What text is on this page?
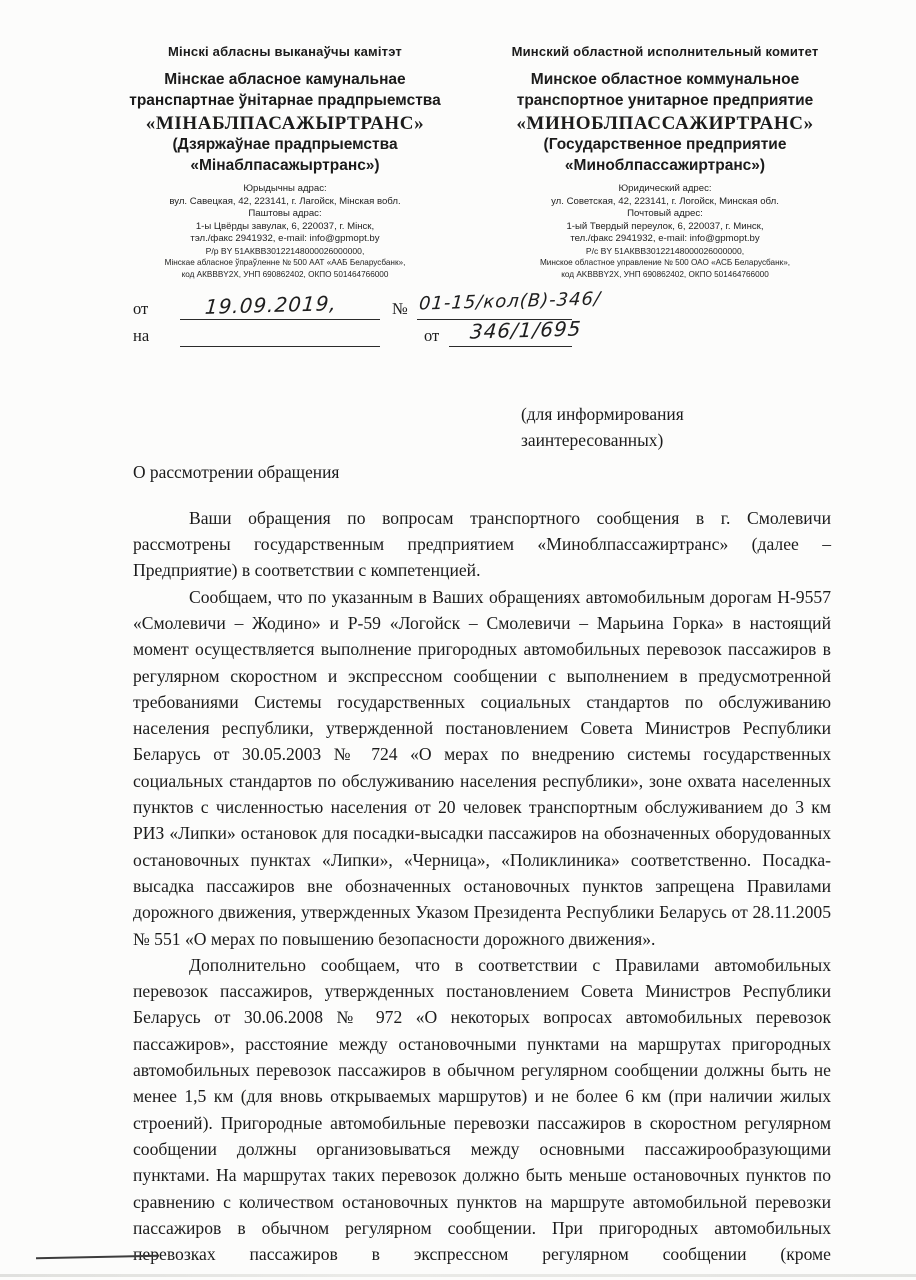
Мінскі абласны выканаўчы камітэт
Мінскае абласное камунальнае
транспартнае ўнітарнае прадпрыемства
«МІНАБЛПАСАЖЫРТРАНС»
(Дзяржаўнае прадпрыемства
«Мінаблпасажыртранс»)
Юрыдычны адрас:
вул. Савецкая, 42, 223141, г. Лагойск, Мінская вобл.
Паштовы адрас:
1-ы Цвёрды завулак, 6, 220037, г. Мінск,
тэл./факс 2941932, e-mail: info@gpmopt.by
Р/р BY 51АКВВ30122148000026000000,
Мінскае абласное ўпраўленне № 500 ААТ «ААБ Беларусбанк»,
код АКВВBY2X, УНП 690862402, ОКПО 501464766000
Минский областной исполнительный комитет
Минское областное коммунальное
транспортное унитарное предприятие
«МИНОБЛПАССАЖИРТРАНС»
(Государственное предприятие
«Миноблпассажиртранс»)
Юридический адрес:
ул. Советская, 42, 223141, г. Логойск, Минская обл.
Почтовый адрес:
1-ый Твердый переулок, 6, 220037, г. Минск,
тел./факс 2941932, e-mail: info@gpmopt.by
Р/с BY 51АКВВ30122148000026000000,
Минское областное управление № 500 ОАО «АСБ Беларусбанк»,
код AKBBBY2X, УНП 690862402, ОКПО 501464766000
от	19.09.2019,	№ 01-15/кол(В)-346/
на	от 346/1/695
(для информирования
заинтересованных)
О рассмотрении обращения

Ваши обращения по вопросам транспортного сообщения в г. Смолевичи рассмотрены государственным предприятием «Миноблпассажиртранс» (далее – Предприятие) в соответствии с компетенцией.

Сообщаем, что по указанным в Ваших обращениях автомобильным дорогам Н-9557 «Смолевичи – Жодино» и Р-59 «Логойск – Смолевичи – Марьина Горка» в настоящий момент осуществляется выполнение пригородных автомобильных перевозок пассажиров в регулярном скоростном и экспрессном сообщении с выполнением в предусмотренной требованиями Системы государственных социальных стандартов по обслуживанию населения республики, утвержденной постановлением Совета Министров Республики Беларусь от 30.05.2003 № 724 «О мерах по внедрению системы государственных социальных стандартов по обслуживанию населения республики», зоне охвата населенных пунктов с численностью населения от 20 человек транспортным обслуживанием до 3 км РИЗ «Липки» остановок для посадки-высадки пассажиров на обозначенных оборудованных остановочных пунктах «Липки», «Черница», «Поликлиника» соответственно. Посадка-высадка пассажиров вне обозначенных остановочных пунктов запрещена Правилами дорожного движения, утвержденных Указом Президента Республики Беларусь от 28.11.2005 № 551 «О мерах по повышению безопасности дорожного движения».

Дополнительно сообщаем, что в соответствии с Правилами автомобильных перевозок пассажиров, утвержденных постановлением Совета Министров Республики Беларусь от 30.06.2008 № 972 «О некоторых вопросах автомобильных перевозок пассажиров», расстояние между остановочными пунктами на маршрутах пригородных автомобильных перевозок пассажиров в обычном регулярном сообщении должны быть не менее 1,5 км (для вновь открываемых маршрутов) и не более 6 км (при наличии жилых строений). Пригородные автомобильные перевозки пассажиров в скоростном регулярном сообщении должны организовываться между основными пассажирообразующими пунктами. На маршрутах таких перевозок должно быть меньше остановочных пунктов по сравнению с количеством остановочных пунктов на маршруте автомобильной перевозки пассажиров в обычном регулярном сообщении. При пригородных автомобильных перевозках пассажиров в экспрессном регулярном сообщении (кроме
